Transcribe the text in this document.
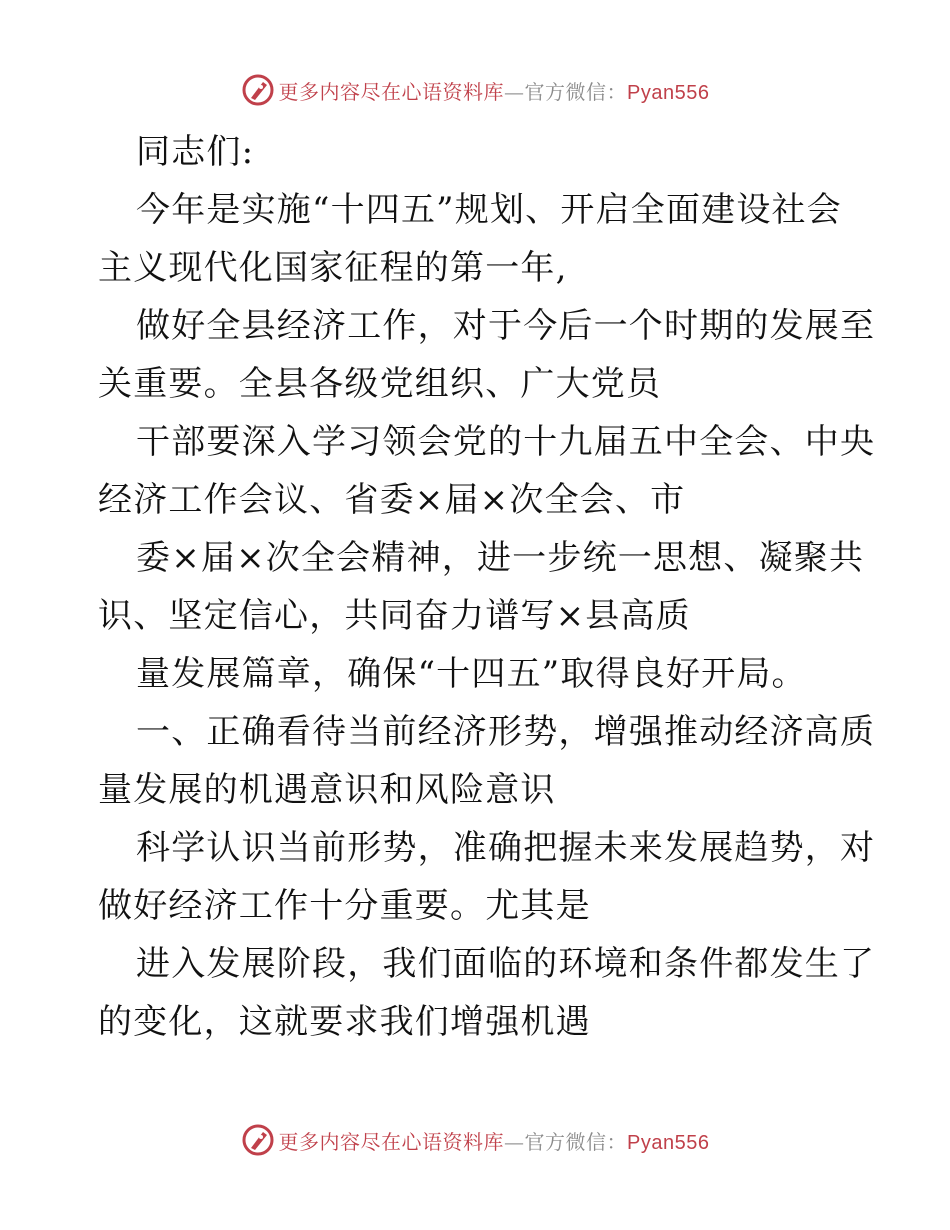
更多内容尽在心语资料库—官方微信：Pyan556
同志们:
今年是实施“十四五”规划、开启全面建设社会
主义现代化国家征程的第一年,
做好全县经济工作，对于今后一个时期的发展至
关重要。全县各级党组织、广大党员
干部要深入学习领会党的十九届五中全会、中央
经济工作会议、省委×届×次全会、市
委×届×次全会精神，进一步统一思想、凝聚共
识、坚定信心，共同奋力谱写×县高质
量发展篇章，确保“十四五”取得良好开局。
一、正确看待当前经济形势，增强推动经济高质
量发展的机遇意识和风险意识
科学认识当前形势，准确把握未来发展趋势，对
做好经济工作十分重要。尤其是
进入发展阶段，我们面临的环境和条件都发生了
的变化，这就要求我们增强机遇
更多内容尽在心语资料库—官方微信：Pyan556
